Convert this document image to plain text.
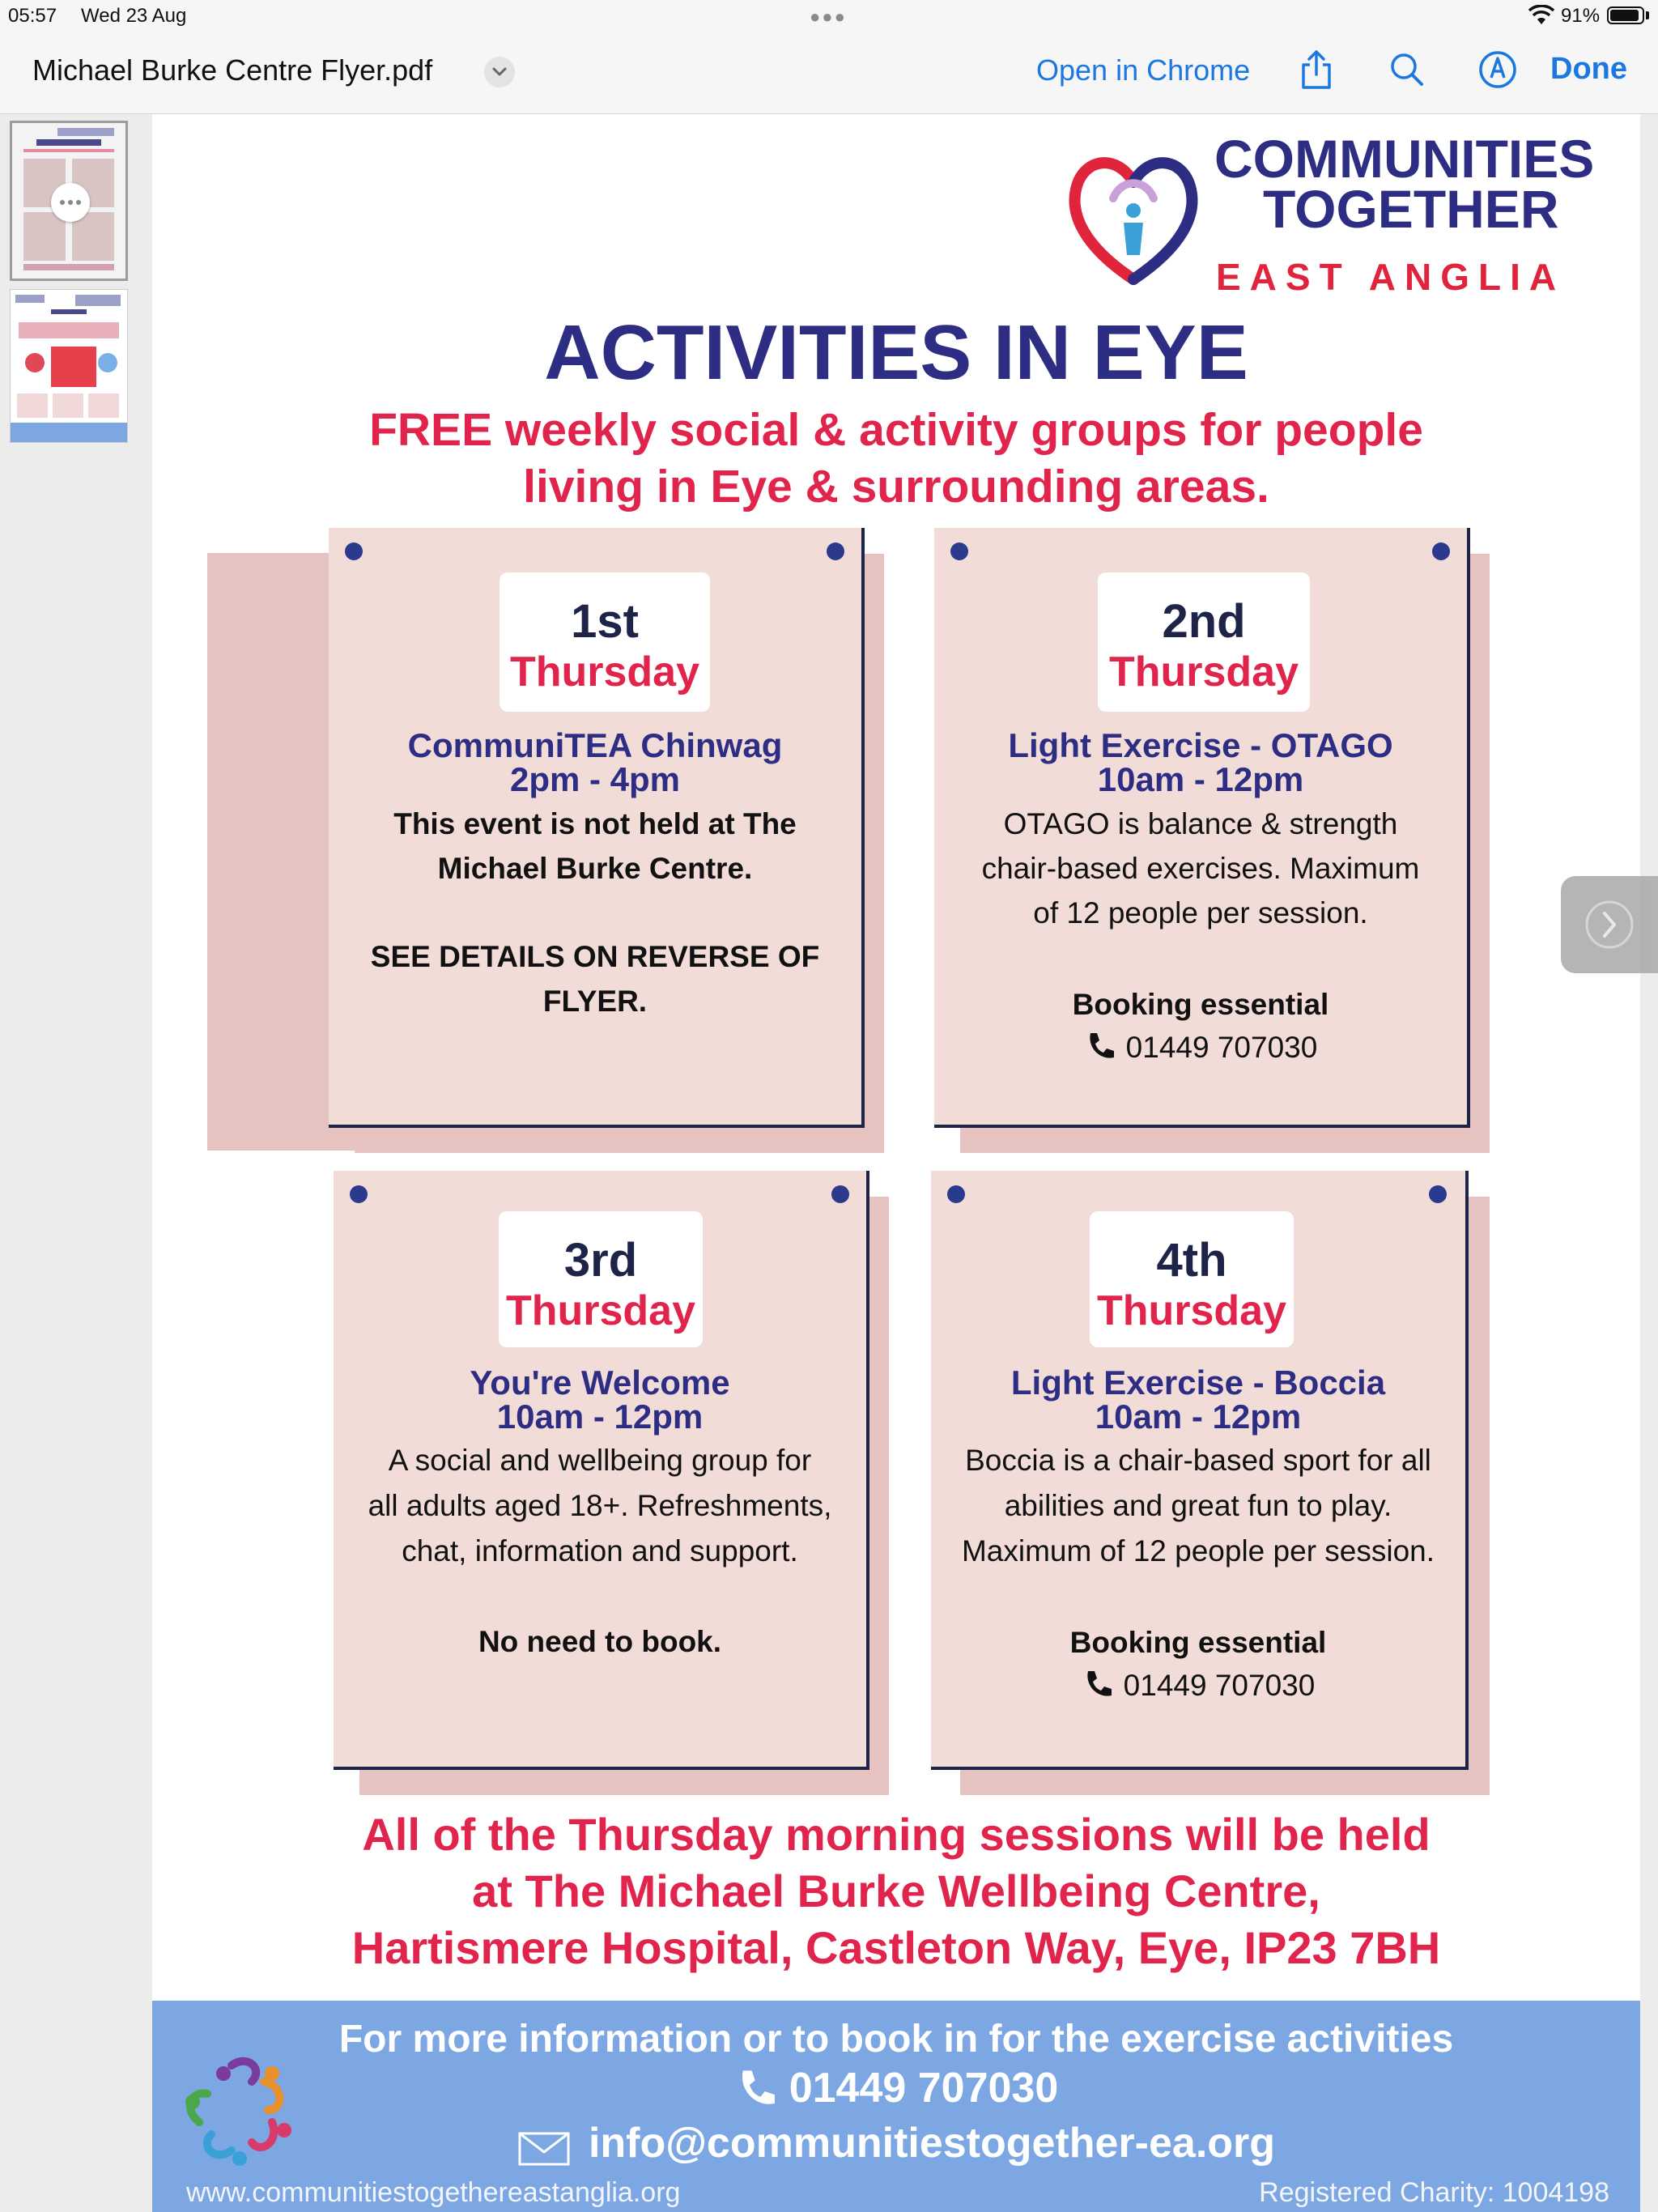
05:57 Wed 23 Aug	●●●	91%
Michael Burke Centre Flyer.pdf	Open in Chrome	Done
COMMUNITIES
TOGETHER
EAST ANGLIA
ACTIVITIES IN EYE
FREE weekly social & activity groups for people
living in Eye & surrounding areas.
1st
Thursday
CommuniTEA Chinwag
2pm - 4pm
This event is not held at The
Michael Burke Centre.
SEE DETAILS ON REVERSE OF
FLYER.
2nd
Thursday
Light Exercise - OTAGO
10am - 12pm
OTAGO is balance & strength
chair-based exercises. Maximum
of 12 people per session.
Booking essential
01449 707030
3rd
Thursday
You're Welcome
10am - 12pm
A social and wellbeing group for
all adults aged 18+. Refreshments,
chat, information and support.
No need to book.
4th
Thursday
Light Exercise - Boccia
10am - 12pm
Boccia is a chair-based sport for all
abilities and great fun to play.
Maximum of 12 people per session.
Booking essential
01449 707030
All of the Thursday morning sessions will be held
at The Michael Burke Wellbeing Centre,
Hartismere Hospital, Castleton Way, Eye, IP23 7BH
For more information or to book in for the exercise activities
01449 707030
info@communitiestogether-ea.org
www.communitiestogethereastanglia.org	Registered Charity: 1004198
